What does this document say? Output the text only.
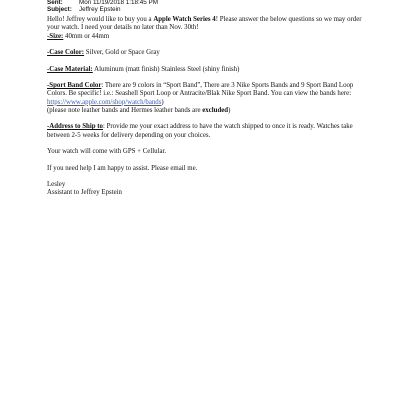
Sent:	Mon 11/19/2018 1:18:45 PM
Subject: Jeffrey Epstein

Hello! Jeffrey would like to buy you a Apple Watch Series 4! Please answer the below questions so we may order your watch. I need your details no later than Nov. 30th!

-Size: 40mm or 44mm

-Case Color: Silver, Gold or Space Gray

-Case Material: Aluminum (matt finish) Stainless Steel (shiny finish)

-Sport Band Color: There are 9 colors in “Sport Band”, There are 3 Nike Sports Bands and 9 Sport Band Loop Colors. Be specific! i.e.: Seashell Sport Loop or Antracite/Blak Nike Sport Band. You can view the bands here: https://www.apple.com/shop/watch/bands)

(please note leather bands and Hermes leather bands are excluded)

-Address to Ship to: Provide me your exact address to have the watch shipped to once it is ready. Watches take between 2-5 weeks for delivery depending on your choices.

Your watch will come with GPS + Cellular.

If you need help I am happy to assist. Please email me.

Lesley

Assistant to Jeffrey Epstein
